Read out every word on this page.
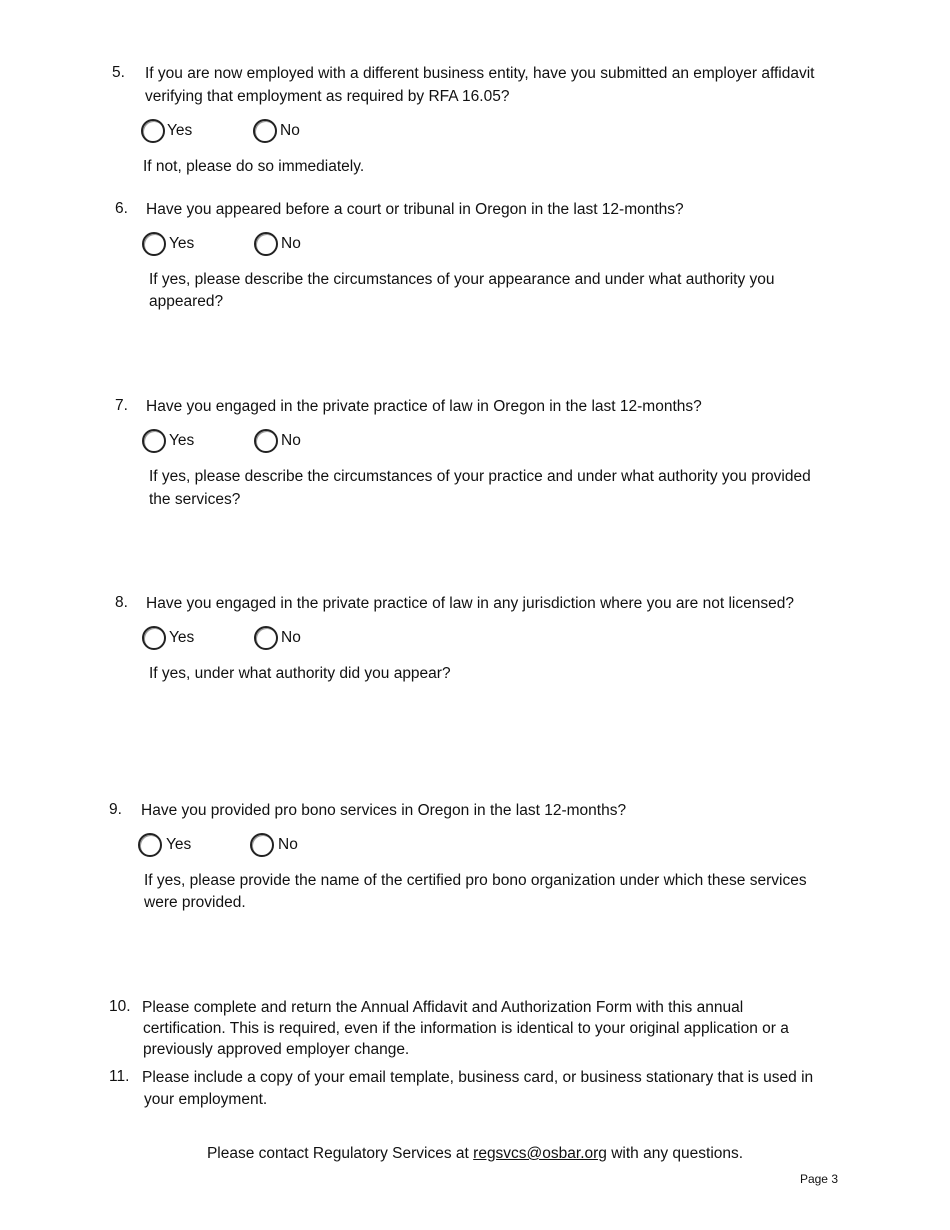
5. If you are now employed with a different business entity, have you submitted an employer affidavit
verifying that employment as required by RFA 16.05?
Yes	No
If not, please do so immediately.
6. Have you appeared before a court or tribunal in Oregon in the last 12-months?
Yes	No
If yes, please describe the circumstances of your appearance and under what authority you
appeared?
7. Have you engaged in the private practice of law in Oregon in the last 12-months?
Yes	No
If yes, please describe the circumstances of your practice and under what authority you provided
the services?
8. Have you engaged in the private practice of law in any jurisdiction where you are not licensed?
Yes	No
If yes, under what authority did you appear?
9. Have you provided pro bono services in Oregon in the last 12-months?
Yes	No
If yes, please provide the name of the certified pro bono organization under which these services
were provided.
10. Please complete and return the Annual Affidavit and Authorization Form with this annual
certification. This is required, even if the information is identical to your original application or a
previously approved employer change.
11. Please include a copy of your email template, business card, or business stationary that is used in
your employment.
Please contact Regulatory Services at regsvcs@osbar.org with any questions.
Page 3
